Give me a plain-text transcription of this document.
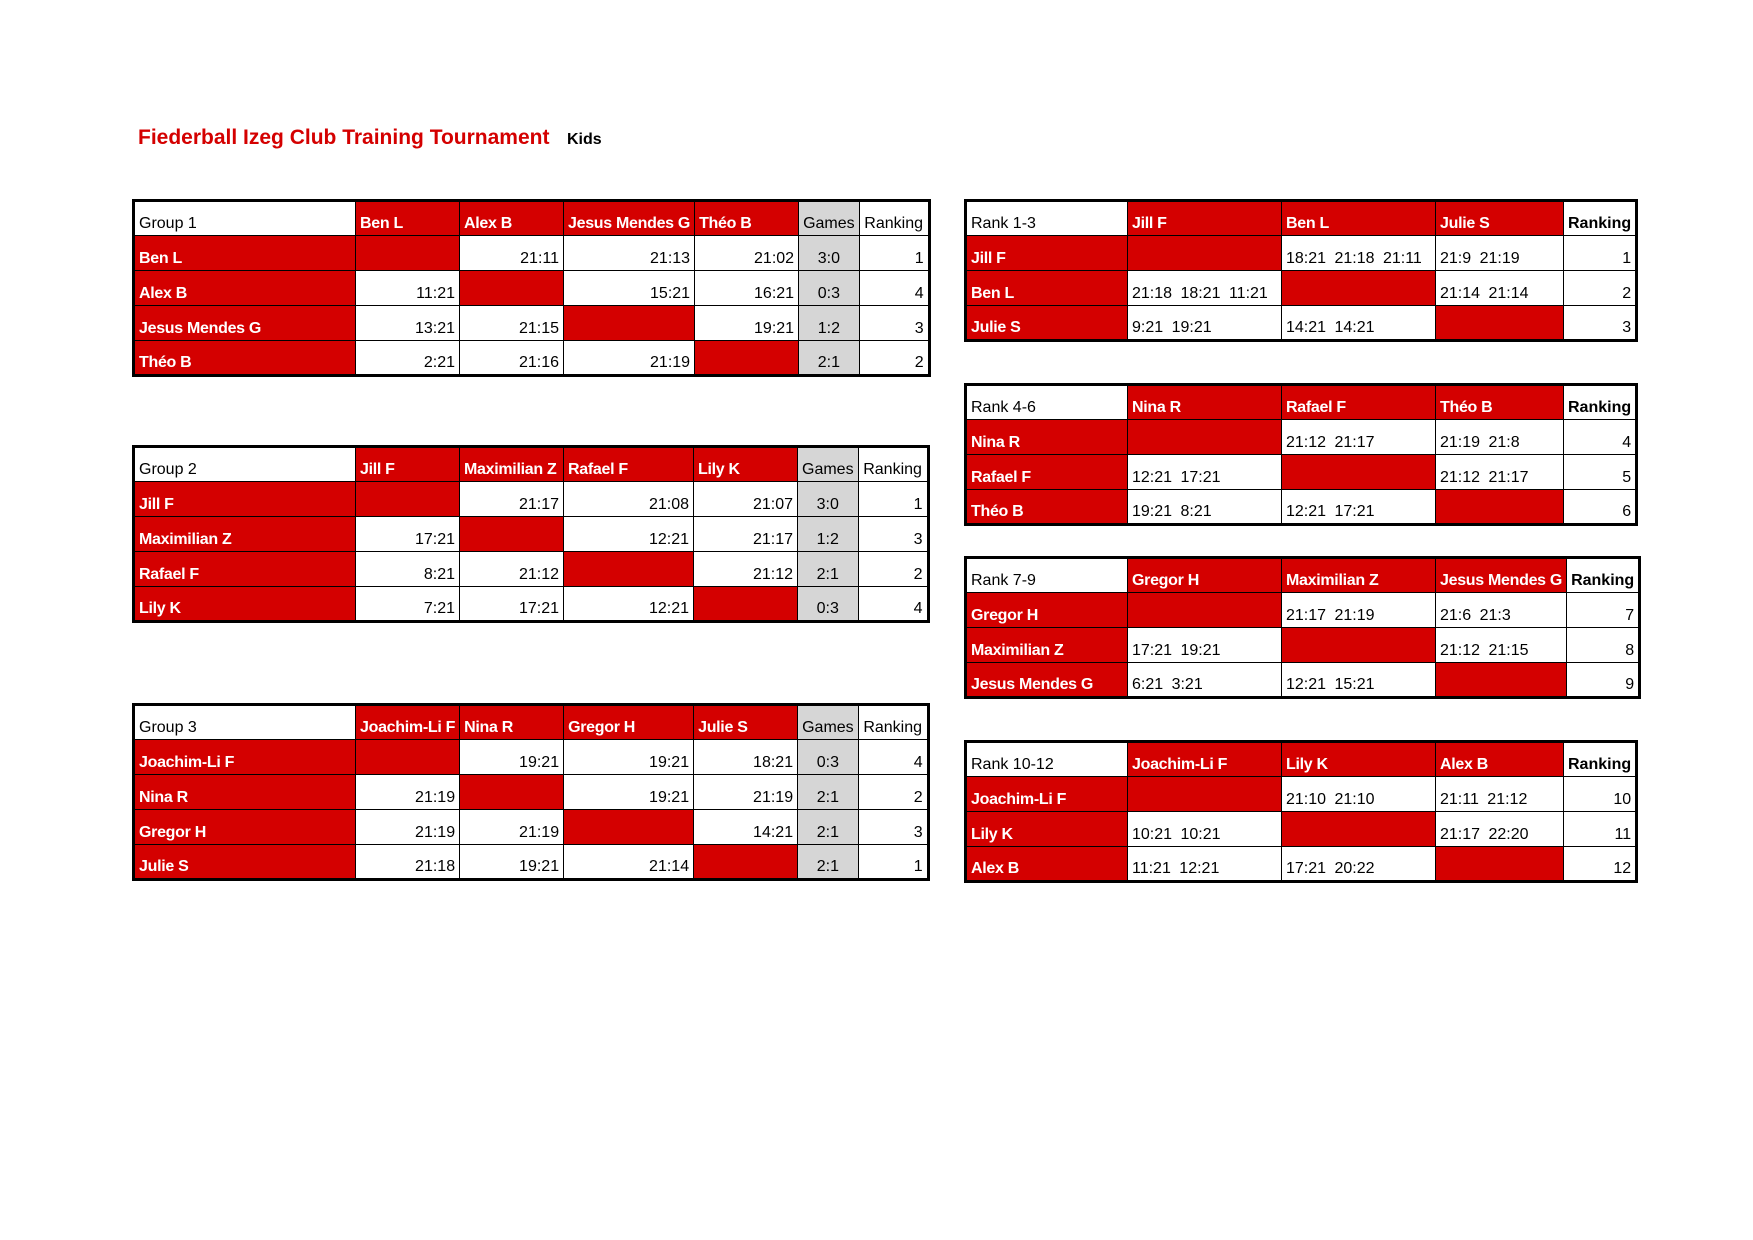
Fiederball Izeg Club Training Tournament Kids
Group 1	Ben L	Alex B	Jesus Mendes G	Théo B	Games	Ranking
Ben L		21:11	21:13	21:02	3:0	1
Alex B	11:21		15:21	16:21	0:3	4
Jesus Mendes G	13:21	21:15		19:21	1:2	3
Théo B	2:21	21:16	21:19		2:1	2
Group 2	Jill F	Maximilian Z	Rafael F	Lily K	Games	Ranking
Jill F		21:17	21:08	21:07	3:0	1
Maximilian Z	17:21		12:21	21:17	1:2	3
Rafael F	8:21	21:12		21:12	2:1	2
Lily K	7:21	17:21	12:21		0:3	4
Group 3	Joachim-Li F	Nina R	Gregor H	Julie S	Games	Ranking
Joachim-Li F		19:21	19:21	18:21	0:3	4
Nina R	21:19		19:21	21:19	2:1	2
Gregor H	21:19	21:19		14:21	2:1	3
Julie S	21:18	19:21	21:14		2:1	1
Rank 1-3	Jill F	Ben L	Julie S	Ranking
Jill F		18:21 21:18 21:11	21:9 21:19	1
Ben L	21:18 18:21 11:21		21:14 21:14	2
Julie S	9:21 19:21	14:21 14:21		3
Rank 4-6	Nina R	Rafael F	Théo B	Ranking
Nina R		21:12 21:17	21:19 21:8	4
Rafael F	12:21 17:21		21:12 21:17	5
Théo B	19:21 8:21	12:21 17:21		6
Rank 7-9	Gregor H	Maximilian Z	Jesus Mendes G	Ranking
Gregor H		21:17 21:19	21:6 21:3	7
Maximilian Z	17:21 19:21		21:12 21:15	8
Jesus Mendes G	6:21 3:21	12:21 15:21		9
Rank 10-12	Joachim-Li F	Lily K	Alex B	Ranking
Joachim-Li F		21:10 21:10	21:11 21:12	10
Lily K	10:21 10:21		21:17 22:20	11
Alex B	11:21 12:21	17:21 20:22		12
